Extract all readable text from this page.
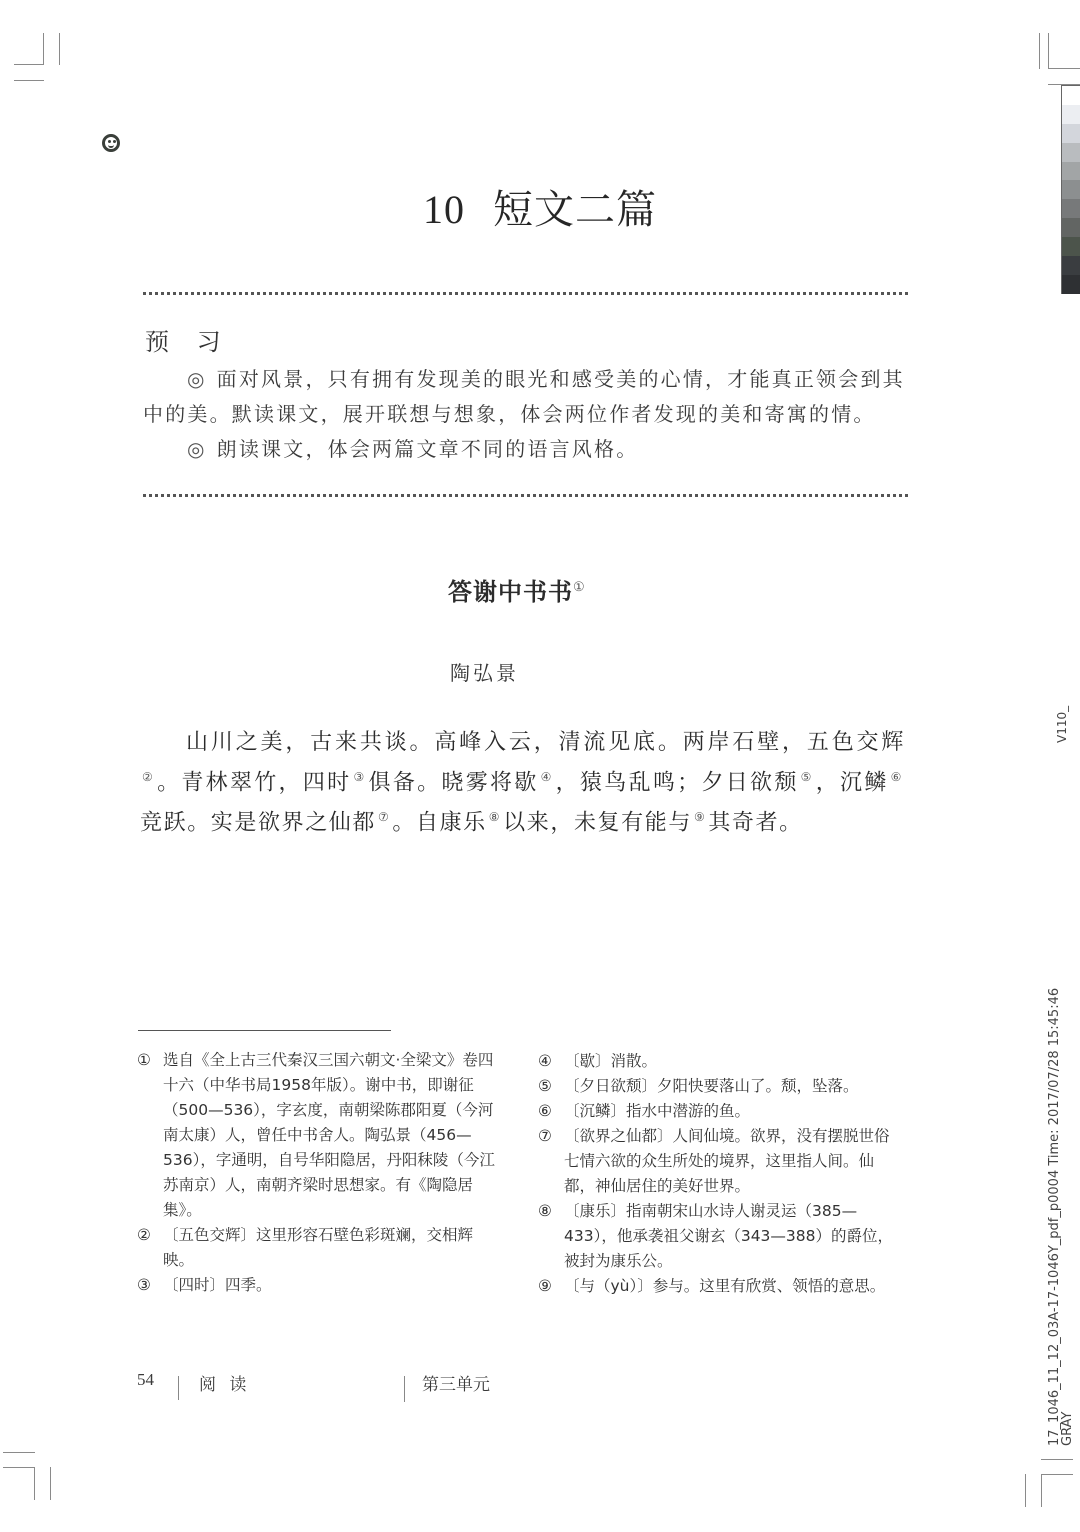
10 短文二篇
预 习
◎ 面对风景，只有拥有发现美的眼光和感受美的心情，才能真正领会到其中的美。默读课文，展开联想与想象，体会两位作者发现的美和寄寓的情。
◎ 朗读课文，体会两篇文章不同的语言风格。
答谢中书书①
陶弘景
山川之美，古来共谈。高峰入云，清流见底。两岸石壁，五色交辉②。青林翠竹，四时 ③俱备。晓雾将歇 ④，猿鸟乱鸣；夕日欲颓 ⑤，沉鳞 ⑥竞跃。实是欲界之仙都 ⑦。自康乐 ⑧以来，未复有能与 ⑨其奇者。
① 选自《全上古三代秦汉三国六朝文·全梁文》卷四十六（中华书局1958年版）。谢中书，即谢征（500—536），字玄度，南朝梁陈郡阳夏（今河南太康）人，曾任中书舍人。陶弘景（456—536），字通明，自号华阳隐居，丹阳秣陵（今江苏南京）人，南朝齐梁时思想家。有《陶隐居集》。
② 〔五色交辉〕这里形容石壁色彩斑斓，交相辉映。
③ 〔四时〕四季。
④ 〔歇〕消散。
⑤ 〔夕日欲颓〕夕阳快要落山了。颓，坠落。
⑥ 〔沉鳞〕指水中潜游的鱼。
⑦ 〔欲界之仙都〕人间仙境。欲界，没有摆脱世俗七情六欲的众生所处的境界，这里指人间。仙都，神仙居住的美好世界。
⑧ 〔康乐〕指南朝宋山水诗人谢灵运（385—433），他承袭祖父谢玄（343—388）的爵位，被封为康乐公。
⑨ 〔与（yù）〕参与。这里有欣赏、领悟的意思。
54	阅 读	第三单元
V110_
17_1046_11_12_03A-17-1046Y_pdf_p0004 Time: 2017/07/28 15:45:46
GRAY
